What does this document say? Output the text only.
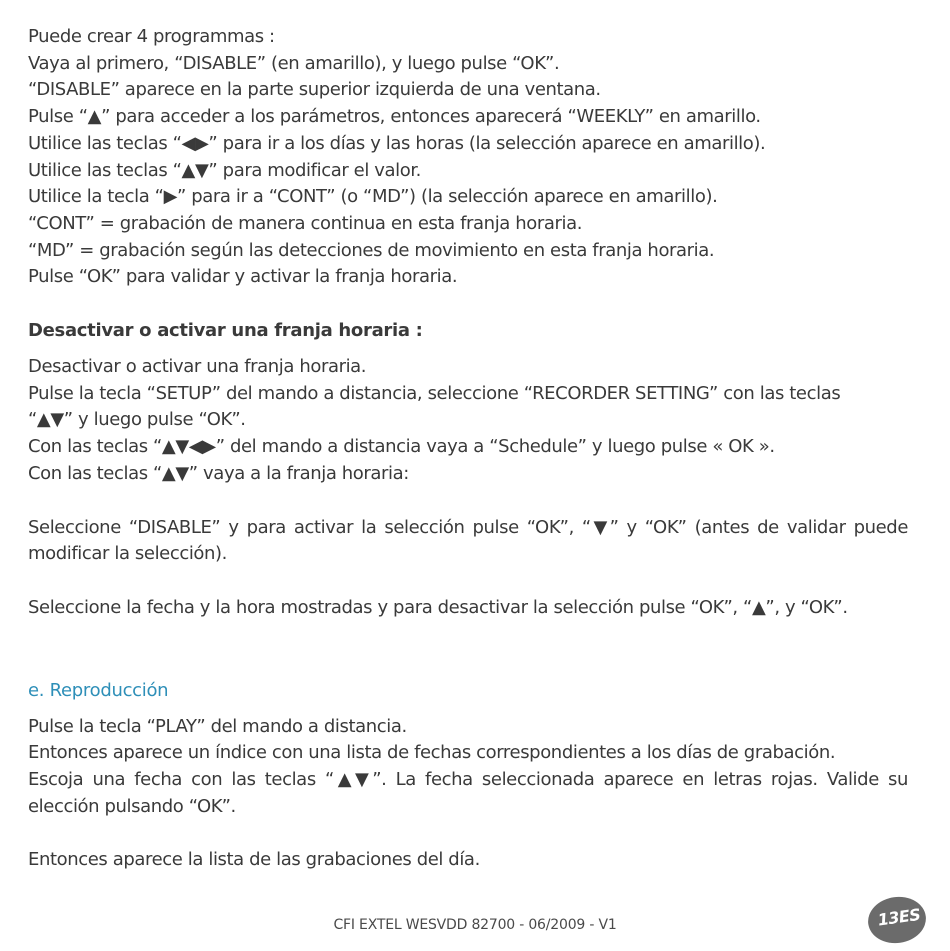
Puede crear 4 programmas :
Vaya al primero, “DISABLE” (en amarillo), y luego pulse “OK”.
“DISABLE” aparece en la parte superior izquierda de una ventana.
Pulse “▲” para acceder a los parámetros, entonces aparecerá “WEEKLY” en amarillo.
Utilice las teclas “◀▶” para ir a los días y las horas (la selección aparece en amarillo).
Utilice las teclas “▲▼” para modificar el valor.
Utilice la tecla “▶” para ir a “CONT” (o “MD”) (la selección aparece en amarillo).
“CONT” = grabación de manera continua en esta franja horaria.
“MD” = grabación según las detecciones de movimiento en esta franja horaria.
Pulse “OK” para validar y activar la franja horaria.
Desactivar o activar una franja horaria :
Desactivar o activar una franja horaria.
Pulse la tecla “SETUP” del mando a distancia, seleccione “RECORDER SETTING” con las teclas
“▲▼” y luego pulse “OK”.
Con las teclas “▲▼◀▶” del mando a distancia vaya a “Schedule” y luego pulse « OK ».
Con las teclas “▲▼” vaya a la franja horaria:
Seleccione “DISABLE” y para activar la selección pulse “OK”, “▼” y “OK” (antes de validar puede modificar la selección).
Seleccione la fecha y la hora mostradas y para desactivar la selección pulse “OK”, “▲”, y “OK”.
e. Reproducción
Pulse la tecla “PLAY” del mando a distancia.
Entonces aparece un índice con una lista de fechas correspondientes a los días de grabación.
Escoja una fecha con las teclas “▲▼”. La fecha seleccionada aparece en letras rojas. Valide su elección pulsando “OK”.
Entonces aparece la lista de las grabaciones del día.
CFI EXTEL WESVDD 82700 - 06/2009 - V1	13ES
